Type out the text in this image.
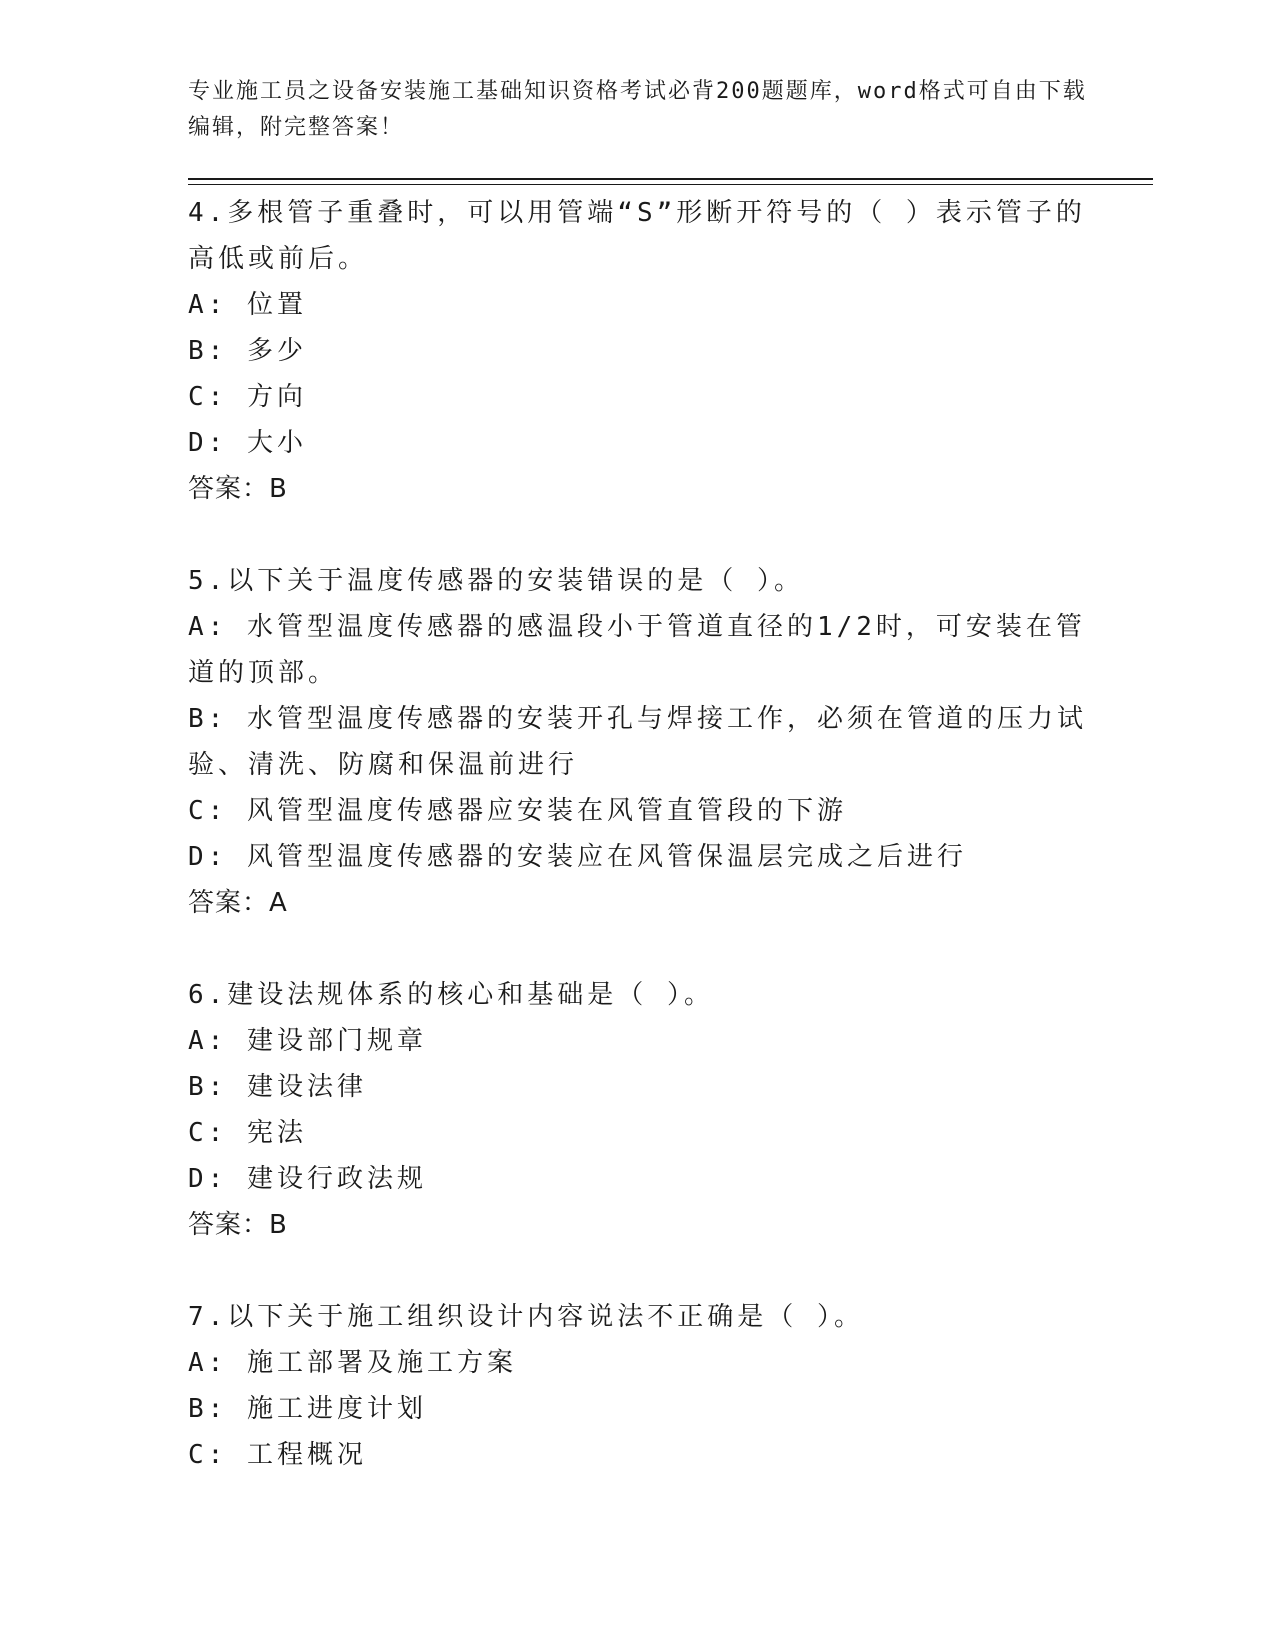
专业施工员之设备安装施工基础知识资格考试必背200题题库，word格式可自由下载编辑，附完整答案！
4.多根管子重叠时，可以用管端“S”形断开符号的（ ）表示管子的高低或前后。
A: 位置
B: 多少
C: 方向
D: 大小
答案：B
5.以下关于温度传感器的安装错误的是（ ）。
A: 水管型温度传感器的感温段小于管道直径的1/2时，可安装在管道的顶部。
B: 水管型温度传感器的安装开孔与焊接工作，必须在管道的压力试验、清洗、防腐和保温前进行
C: 风管型温度传感器应安装在风管直管段的下游
D: 风管型温度传感器的安装应在风管保温层完成之后进行
答案：A
6.建设法规体系的核心和基础是（ ）。
A: 建设部门规章
B: 建设法律
C: 宪法
D: 建设行政法规
答案：B
7.以下关于施工组织设计内容说法不正确是（ ）。
A: 施工部署及施工方案
B: 施工进度计划
C: 工程概况
